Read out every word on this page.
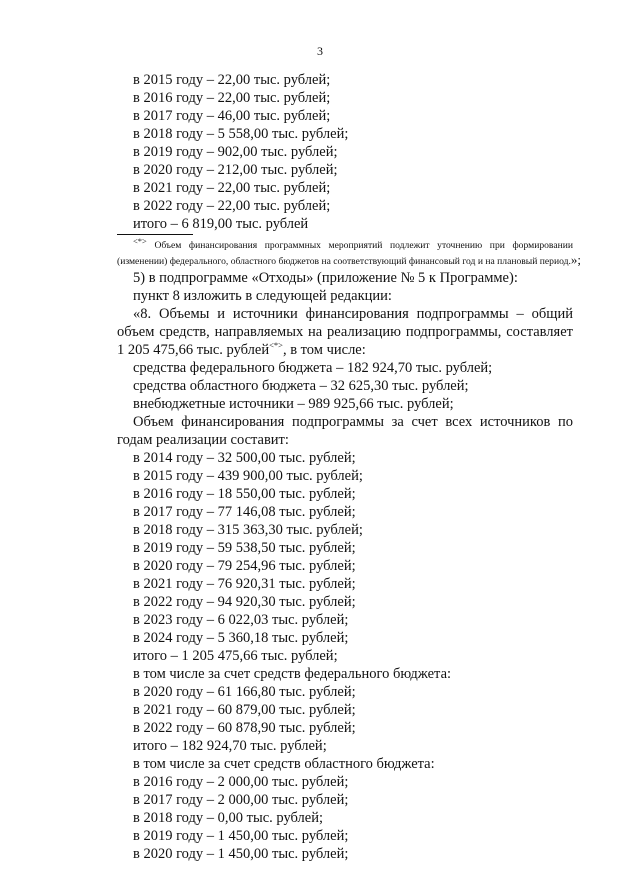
3
в 2015 году – 22,00 тыс. рублей;
в 2016 году – 22,00 тыс. рублей;
в 2017 году – 46,00 тыс. рублей;
в 2018 году – 5 558,00 тыс. рублей;
в 2019 году – 902,00 тыс. рублей;
в 2020 году – 212,00 тыс. рублей;
в 2021 году – 22,00 тыс. рублей;
в 2022 году – 22,00 тыс. рублей;
итого – 6 819,00 тыс. рублей
<*> Объем финансирования программных мероприятий подлежит уточнению при формировании
(изменении) федерального, областного бюджетов на соответствующий финансовый год и на плановый период.»;
5) в подпрограмме «Отходы» (приложение № 5 к Программе):
пункт 8 изложить в следующей редакции:
«8. Объемы и источники финансирования подпрограммы – общий
объем средств, направляемых на реализацию подпрограммы, составляет
1 205 475,66 тыс. рублей<*>, в том числе:
средства федерального бюджета – 182 924,70 тыс. рублей;
средства областного бюджета – 32 625,30 тыс. рублей;
внебюджетные источники – 989 925,66 тыс. рублей;
Объем финансирования подпрограммы за счет всех источников по
годам реализации составит:
в 2014 году – 32 500,00 тыс. рублей;
в 2015 году – 439 900,00 тыс. рублей;
в 2016 году – 18 550,00 тыс. рублей;
в 2017 году – 77 146,08 тыс. рублей;
в 2018 году – 315 363,30 тыс. рублей;
в 2019 году – 59 538,50 тыс. рублей;
в 2020 году – 79 254,96 тыс. рублей;
в 2021 году – 76 920,31 тыс. рублей;
в 2022 году – 94 920,30 тыс. рублей;
в 2023 году – 6 022,03 тыс. рублей;
в 2024 году – 5 360,18 тыс. рублей;
итого – 1 205 475,66 тыс. рублей;
в том числе за счет средств федерального бюджета:
в 2020 году – 61 166,80 тыс. рублей;
в 2021 году – 60 879,00 тыс. рублей;
в 2022 году – 60 878,90 тыс. рублей;
итого – 182 924,70 тыс. рублей;
в том числе за счет средств областного бюджета:
в 2016 году – 2 000,00 тыс. рублей;
в 2017 году – 2 000,00 тыс. рублей;
в 2018 году – 0,00 тыс. рублей;
в 2019 году – 1 450,00 тыс. рублей;
в 2020 году – 1 450,00 тыс. рублей;
